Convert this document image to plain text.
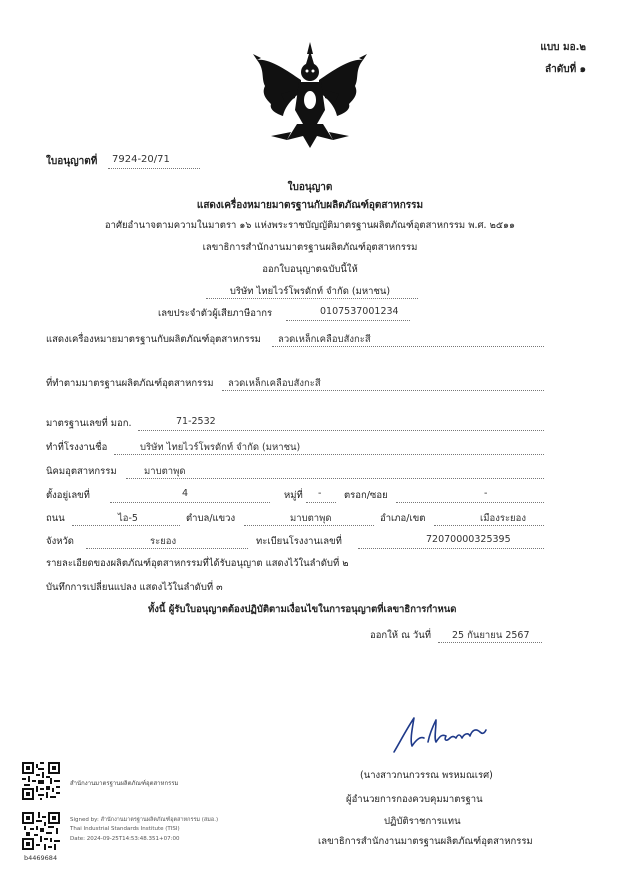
แบบ มอ.๒
ลำดับที่ ๑
ใบอนุญาตที่ 7924-20/71
ใบอนุญาต
แสดงเครื่องหมายมาตรฐานกับผลิตภัณฑ์อุตสาหกรรม
อาศัยอำนาจตามความในมาตรา ๑๖ แห่งพระราชบัญญัติมาตรฐานผลิตภัณฑ์อุตสาหกรรม พ.ศ. ๒๕๑๑
เลขาธิการสำนักงานมาตรฐานผลิตภัณฑ์อุตสาหกรรม
ออกใบอนุญาตฉบับนี้ให้
บริษัท ไทยไวร์โพรดักท์ จำกัด (มหาชน)
เลขประจำตัวผู้เสียภาษีอากร	0107537001234
แสดงเครื่องหมายมาตรฐานกับผลิตภัณฑ์อุตสาหกรรม ลวดเหล็กเคลือบสังกะสี
ที่ทำตามมาตรฐานผลิตภัณฑ์อุตสาหกรรม ลวดเหล็กเคลือบสังกะสี
มาตรฐานเลขที่ มอก.	71-2532
ทำที่โรงงานชื่อ	บริษัท ไทยไวร์โพรดักท์ จำกัด (มหาชน)
นิคมอุตสาหกรรม	มาบตาพุด
ตั้งอยู่เลขที่	4	หมู่ที่ - ตรอก/ซอย	-
ถนน	ไอ-5	ตำบล/แขวง	มาบตาพุด	อำเภอ/เขต	เมืองระยอง
จังหวัด	ระยอง	ทะเบียนโรงงานเลขที่	72070000325395
รายละเอียดของผลิตภัณฑ์อุตสาหกรรมที่ได้รับอนุญาต แสดงไว้ในลำดับที่ ๒
บันทึกการเปลี่ยนแปลง แสดงไว้ในลำดับที่ ๓
ทั้งนี้ ผู้รับใบอนุญาตต้องปฏิบัติตามเงื่อนไขในการอนุญาตที่เลขาธิการกำหนด
ออกให้ ณ วันที่ 25 กันยายน 2567
(นางสาวกนกวรรณ พรหมณเรศ)
ผู้อำนวยการกองควบคุมมาตรฐาน
ปฏิบัติราชการแทน
เลขาธิการสำนักงานมาตรฐานผลิตภัณฑ์อุตสาหกรรม
สำนักงานมาตรฐานผลิตภัณฑ์อุตสาหกรรม
Signed by: สำนักงานมาตรฐานผลิตภัณฑ์อุตสาหกรรม (สมอ.)
Thai Industrial Standards Institute (TISI)
Date: 2024-09-25T14:53:48.351+07:00
b4469684
